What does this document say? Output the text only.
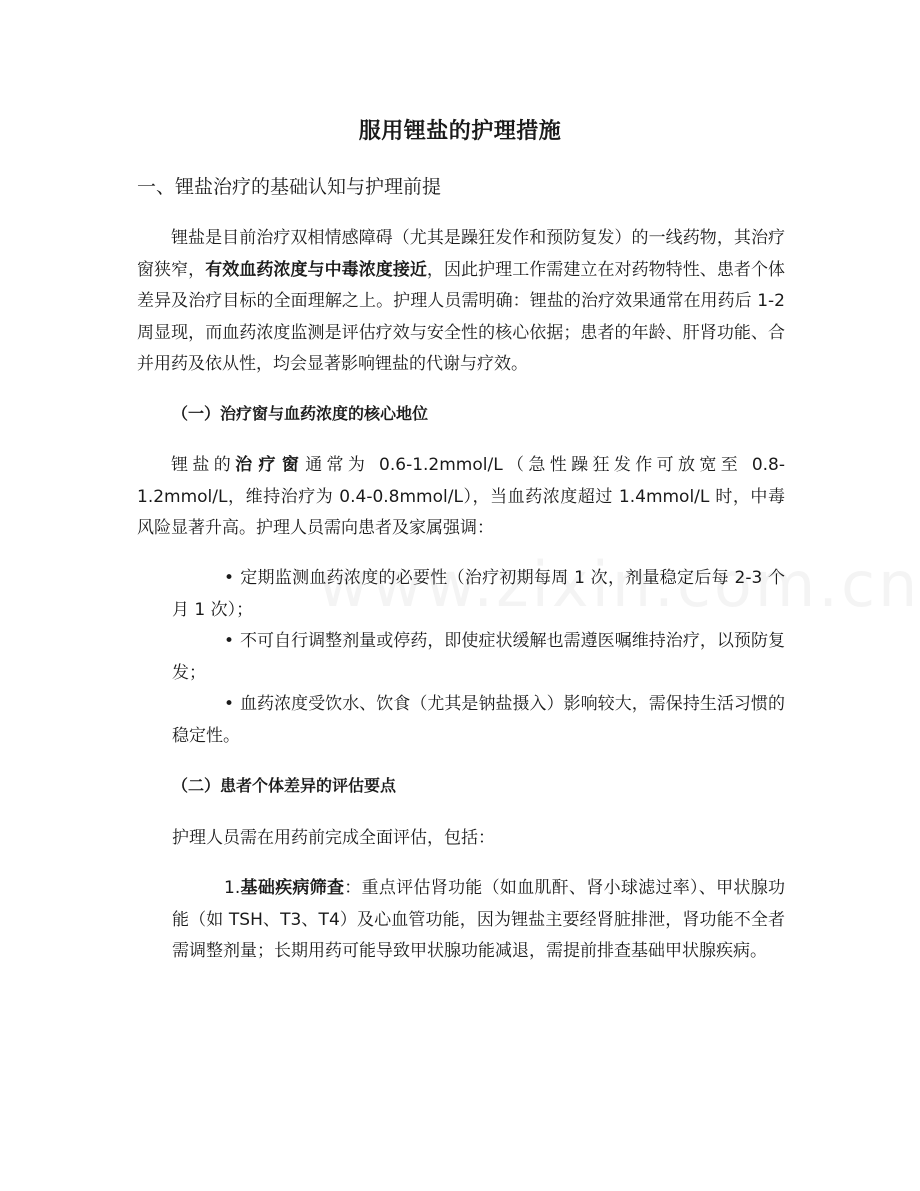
服用锂盐的护理措施
一、锂盐治疗的基础认知与护理前提

锂盐是目前治疗双相情感障碍（尤其是躁狂发作和预防复发）的一线药物，其治疗窗狭窄，有效血药浓度与中毒浓度接近，因此护理工作需建立在对药物特性、患者个体差异及治疗目标的全面理解之上。护理人员需明确：锂盐的治疗效果通常在用药后 1-2 周显现，而血药浓度监测是评估疗效与安全性的核心依据；患者的年龄、肝肾功能、合并用药及依从性，均会显著影响锂盐的代谢与疗效。

（一）治疗窗与血药浓度的核心地位

锂盐的治疗窗通常为 0.6-1.2mmol/L（急性躁狂发作可放宽至 0.8-1.2mmol/L，维持治疗为 0.4-0.8mmol/L），当血药浓度超过 1.4mmol/L 时，中毒风险显著升高。护理人员需向患者及家属强调：

• 定期监测血药浓度的必要性（治疗初期每周 1 次，剂量稳定后每 2-3 个月 1 次）；
• 不可自行调整剂量或停药，即使症状缓解也需遵医嘱维持治疗，以预防复发；
• 血药浓度受饮水、饮食（尤其是钠盐摄入）影响较大，需保持生活习惯的稳定性。
（二）患者个体差异的评估要点
护理人员需在用药前完成全面评估，包括：

1.基础疾病筛查：重点评估肾功能（如血肌酐、肾小球滤过率）、甲状腺功能（如 TSH、T3、T4）及心血管功能，因为锂盐主要经肾脏排泄，肾功能不全者需调整剂量；长期用药可能导致甲状腺功能减退，需提前排查基础甲状腺疾病。
